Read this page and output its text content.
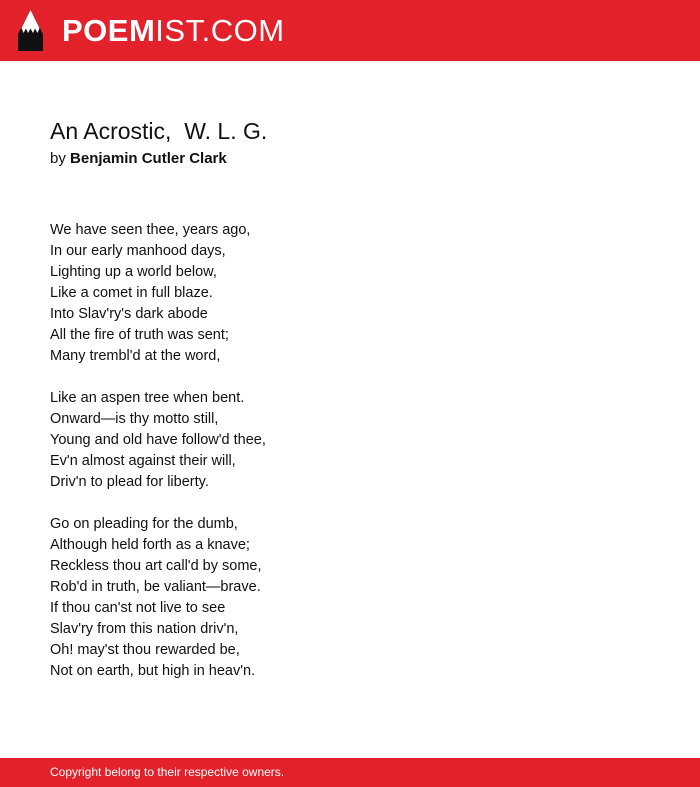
POEMIST.COM
An Acrostic,  W. L. G.
by Benjamin Cutler Clark
We have seen thee, years ago,
In our early manhood days,
Lighting up a world below,
Like a comet in full blaze.
Into Slav'ry's dark abode
All the fire of truth was sent;
Many trembl'd at the word,
Like an aspen tree when bent.
Onward—is thy motto still,
Young and old have follow'd thee,
Ev'n almost against their will,
Driv'n to plead for liberty.
Go on pleading for the dumb,
Although held forth as a knave;
Reckless thou art call'd by some,
Rob'd in truth, be valiant—brave.
If thou can'st not live to see
Slav'ry from this nation driv'n,
Oh! may'st thou rewarded be,
Not on earth, but high in heav'n.
Copyright belong to their respective owners.
